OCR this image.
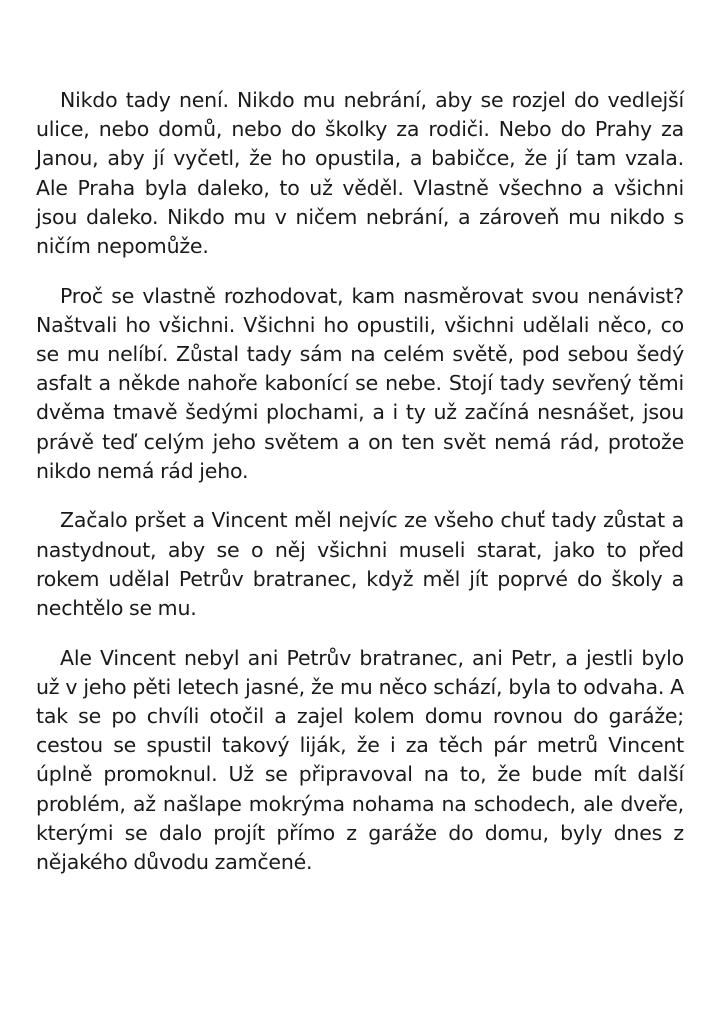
Nikdo tady není. Nikdo mu nebrání, aby se rozjel do vedlejší ulice, nebo domů, nebo do školky za rodiči. Nebo do Prahy za Janou, aby jí vyčetl, že ho opustila, a babičce, že jí tam vzala. Ale Praha byla daleko, to už věděl. Vlastně všechno a všichni jsou daleko. Nikdo mu v ničem nebrání, a zároveň mu nikdo s ničím nepomůže.

Proč se vlastně rozhodovat, kam nasměrovat svou nenávist? Naštvali ho všichni. Všichni ho opustili, všichni udělali něco, co se mu nelíbí. Zůstal tady sám na celém světě, pod sebou šedý asfalt a někde nahoře kabonící se nebe. Stojí tady sevřený těmi dvěma tmavě šedými plochami, a i ty už začíná nesnášet, jsou právě teď celým jeho světem a on ten svět nemá rád, protože nikdo nemá rád jeho.

Začalo pršet a Vincent měl nejvíc ze všeho chuť tady zůstat a nastydnout, aby se o něj všichni museli starat, jako to před rokem udělal Petrův bratranec, když měl jít poprvé do školy a nechtělo se mu.

Ale Vincent nebyl ani Petrův bratranec, ani Petr, a jestli bylo už v jeho pěti letech jasné, že mu něco schází, byla to odvaha. A tak se po chvíli otočil a zajel kolem domu rovnou do garáže; cestou se spustil takový liják, že i za těch pár metrů Vincent úplně promoknul. Už se připravoval na to, že bude mít další problém, až našlape mokrýma nohama na schodech, ale dveře, kterými se dalo projít přímo z garáže do domu, byly dnes z nějakého důvodu zamčené.
